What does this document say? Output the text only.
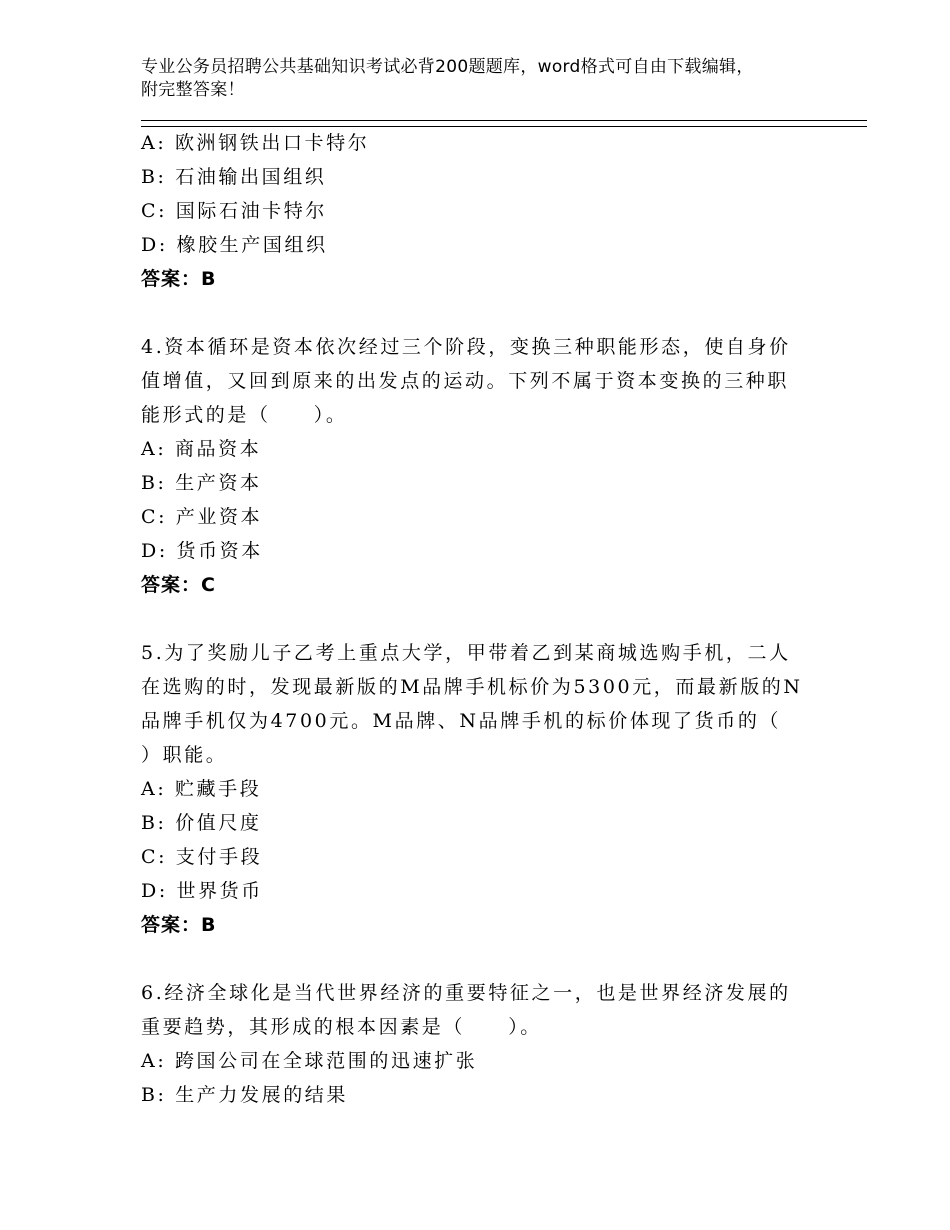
专业公务员招聘公共基础知识考试必背200题题库，word格式可自由下载编辑，
附完整答案！
A: 欧洲钢铁出口卡特尔
B: 石油输出国组织
C: 国际石油卡特尔
D: 橡胶生产国组织
答案：B
4.资本循环是资本依次经过三个阶段，变换三种职能形态，使自身价
值增值，又回到原来的出发点的运动。下列不属于资本变换的三种职
能形式的是（　　）。
A: 商品资本
B: 生产资本
C: 产业资本
D: 货币资本
答案：C
5.为了奖励儿子乙考上重点大学，甲带着乙到某商城选购手机，二人
在选购的时，发现最新版的M品牌手机标价为5300元，而最新版的N
品牌手机仅为4700元。M品牌、N品牌手机的标价体现了货币的（
）职能。
A: 贮藏手段
B: 价值尺度
C: 支付手段
D: 世界货币
答案：B
6.经济全球化是当代世界经济的重要特征之一，也是世界经济发展的
重要趋势，其形成的根本因素是（　　）。
A: 跨国公司在全球范围的迅速扩张
B: 生产力发展的结果
